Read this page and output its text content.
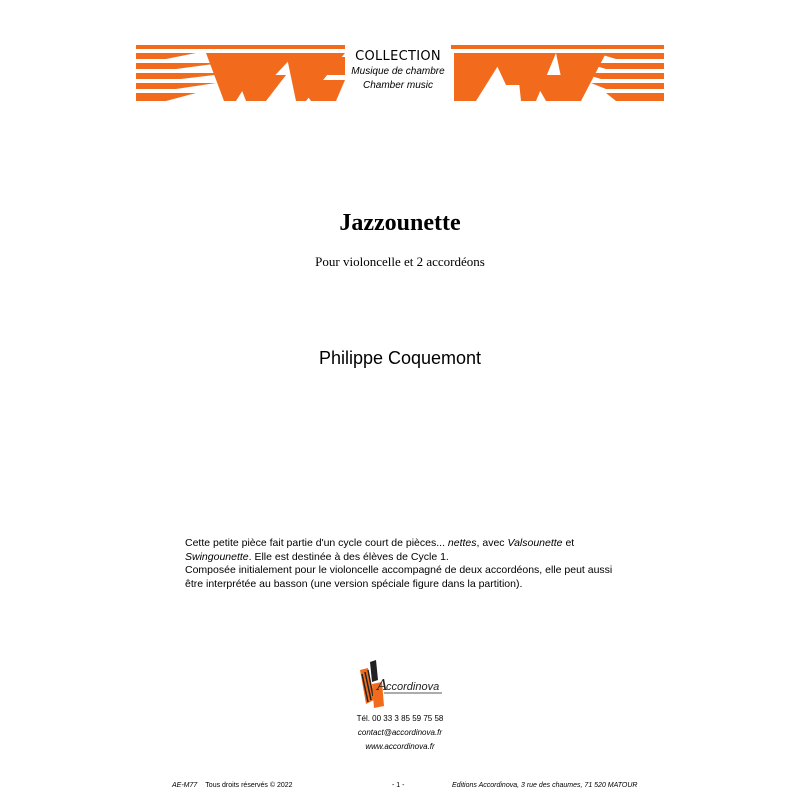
COLLECTION
Musique de chambre
Chamber music
Jazzounette
Pour violoncelle et 2 accordéons
Philippe Coquemont

Cette petite pièce fait partie d'un cycle court de pièces... nettes, avec Valsounette et
Swingounette. Elle est destinée à des élèves de Cycle 1.

Composée initialement pour le violoncelle accompagné de deux accordéons, elle peut aussi être interprétée au basson (une version spéciale figure dans la partition).

A
ccordinova
Tél. 00 33 3 85 59 75 58
contact@accordinova.fr
www.accordinova.fr
AE-M77 Tous droits réservés © 2022	- 1 -	Editions Accordinova, 3 rue des chaumes, 71 520 MATOUR
